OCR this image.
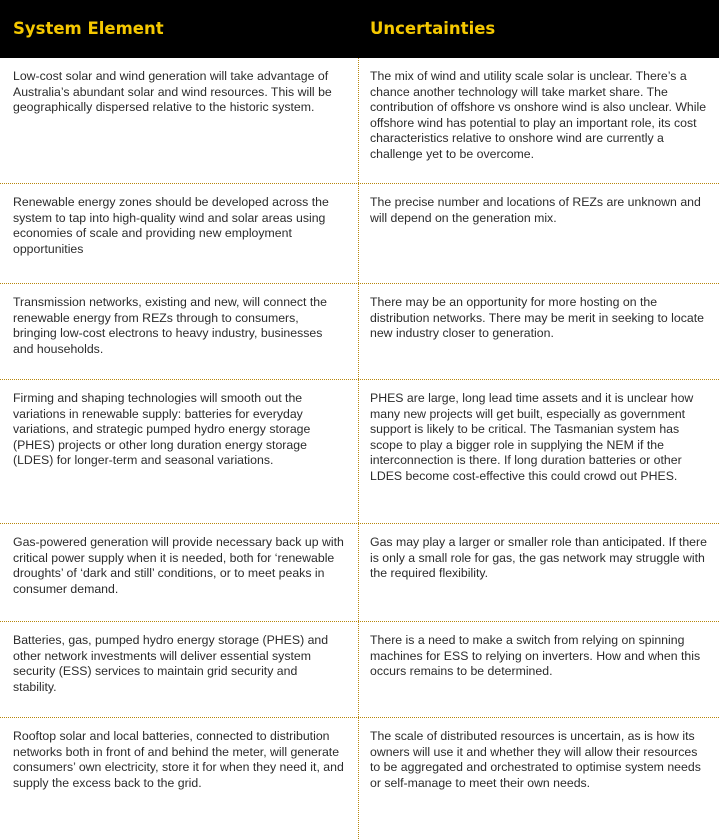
System Element	Uncertainties
Low-cost solar and wind generation will take advantage of Australia’s abundant solar and wind resources. This will be geographically dispersed relative to the historic system.
The mix of wind and utility scale solar is unclear. There’s a chance another technology will take market share. The contribution of offshore vs onshore wind is also unclear. While offshore wind has potential to play an important role, its cost characteristics relative to onshore wind are currently a challenge yet to be overcome.
Renewable energy zones should be developed across the system to tap into high-quality wind and solar areas using economies of scale and providing new employment opportunities
The precise number and locations of REZs are unknown and will depend on the generation mix.
Transmission networks, existing and new, will connect the renewable energy from REZs through to consumers, bringing low-cost electrons to heavy industry, businesses and households.
There may be an opportunity for more hosting on the distribution networks. There may be merit in seeking to locate new industry closer to generation.
Firming and shaping technologies will smooth out the variations in renewable supply: batteries for everyday variations, and strategic pumped hydro energy storage (PHES) projects or other long duration energy storage (LDES) for longer-term and seasonal variations.
PHES are large, long lead time assets and it is unclear how many new projects will get built, especially as government support is likely to be critical. The Tasmanian system has scope to play a bigger role in supplying the NEM if the interconnection is there. If long duration batteries or other LDES become cost-effective this could crowd out PHES.
Gas-powered generation will provide necessary back up with critical power supply when it is needed, both for ‘renewable droughts’ of ‘dark and still’ conditions, or to meet peaks in consumer demand.
Gas may play a larger or smaller role than anticipated. If there is only a small role for gas, the gas network may struggle with the required flexibility.
Batteries, gas, pumped hydro energy storage (PHES) and other network investments will deliver essential system security (ESS) services to maintain grid security and stability.
There is a need to make a switch from relying on spinning machines for ESS to relying on inverters. How and when this occurs remains to be determined.
Rooftop solar and local batteries, connected to distribution networks both in front of and behind the meter, will generate consumers’ own electricity, store it for when they need it, and supply the excess back to the grid.
The scale of distributed resources is uncertain, as is how its owners will use it and whether they will allow their resources to be aggregated and orchestrated to optimise system needs or self-manage to meet their own needs.
